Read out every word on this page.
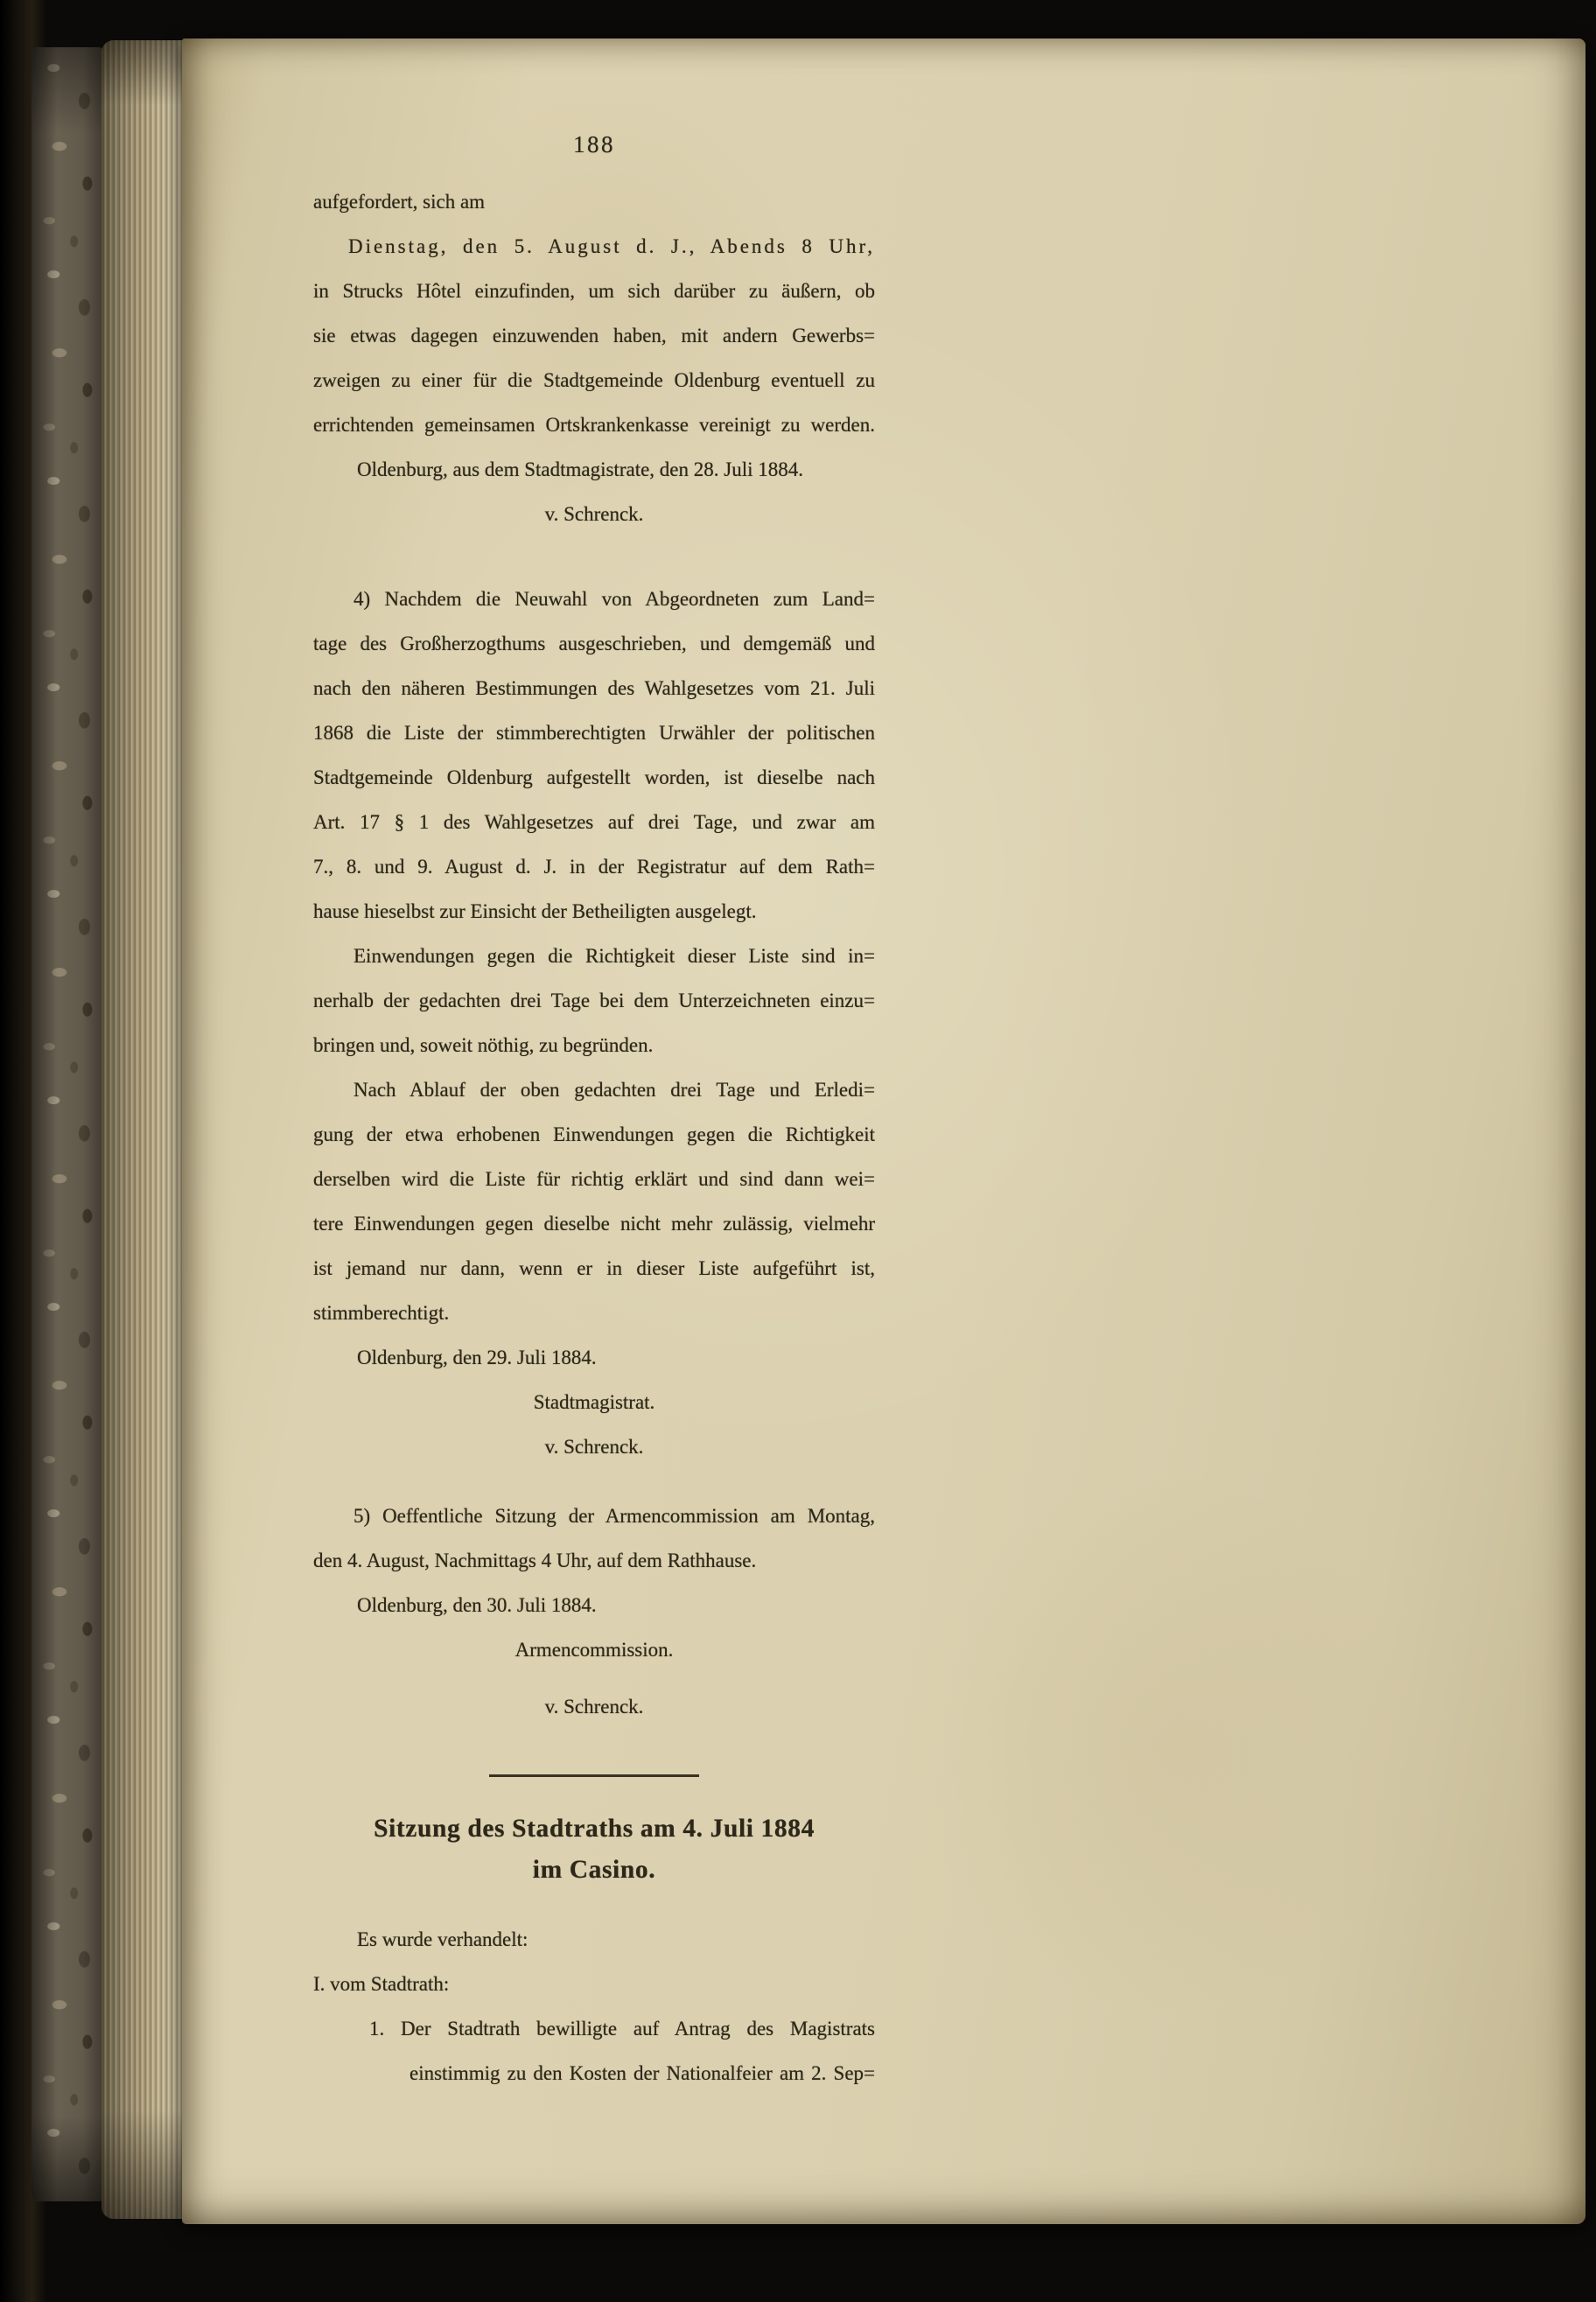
188
aufgefordert, sich am
Dienstag, den 5. August d. J., Abends 8 Uhr,
in Strucks Hôtel einzufinden, um sich darüber zu äußern, ob
sie etwas dagegen einzuwenden haben, mit andern Gewerbs=
zweigen zu einer für die Stadtgemeinde Oldenburg eventuell zu
errichtenden gemeinsamen Ortskrankenkasse vereinigt zu werden.
Oldenburg, aus dem Stadtmagistrate, den 28. Juli 1884.
v. Schrenck.
4) Nachdem die Neuwahl von Abgeordneten zum Land=
tage des Großherzogthums ausgeschrieben, und demgemäß und
nach den näheren Bestimmungen des Wahlgesetzes vom 21. Juli
1868 die Liste der stimmberechtigten Urwähler der politischen
Stadtgemeinde Oldenburg aufgestellt worden, ist dieselbe nach
Art. 17 § 1 des Wahlgesetzes auf drei Tage, und zwar am
7., 8. und 9. August d. J. in der Registratur auf dem Rath=
hause hieselbst zur Einsicht der Betheiligten ausgelegt.
Einwendungen gegen die Richtigkeit dieser Liste sind in=
nerhalb der gedachten drei Tage bei dem Unterzeichneten einzu=
bringen und, soweit nöthig, zu begründen.
Nach Ablauf der oben gedachten drei Tage und Erledi=
gung der etwa erhobenen Einwendungen gegen die Richtigkeit
derselben wird die Liste für richtig erklärt und sind dann wei=
tere Einwendungen gegen dieselbe nicht mehr zulässig, vielmehr
ist jemand nur dann, wenn er in dieser Liste aufgeführt ist,
stimmberechtigt.
Oldenburg, den 29. Juli 1884.
Stadtmagistrat.
v. Schrenck.
5) Oeffentliche Sitzung der Armencommission am Montag,
den 4. August, Nachmittags 4 Uhr, auf dem Rathhause.
Oldenburg, den 30. Juli 1884.
Armencommission.
v. Schrenck.
Sitzung des Stadtraths am 4. Juli 1884
im Casino.
Es wurde verhandelt:
I. vom Stadtrath:
1. Der Stadtrath bewilligte auf Antrag des Magistrats
einstimmig zu den Kosten der Nationalfeier am 2. Sep=
